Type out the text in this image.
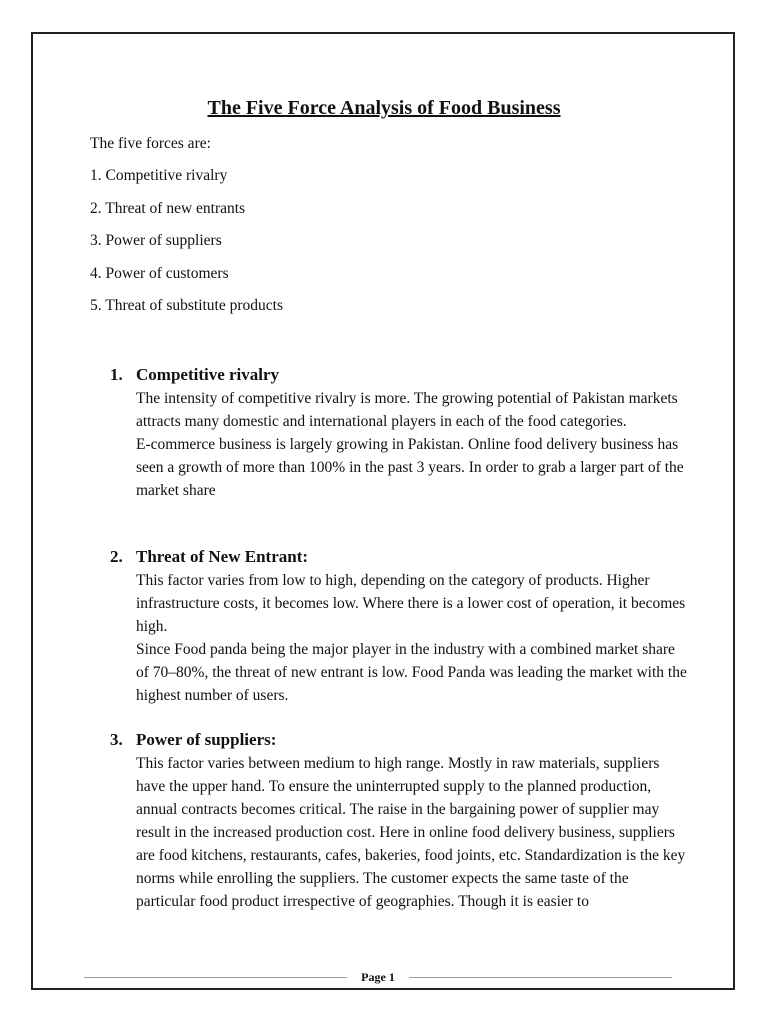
The Five Force Analysis of Food Business

The five forces are:

1. Competitive rivalry
2. Threat of new entrants
3. Power of suppliers
4. Power of customers
5. Threat of substitute products
1. Competitive rivalry

The intensity of competitive rivalry is more. The growing potential of Pakistan markets attracts many domestic and international players in each of the food categories.

E-commerce business is largely growing in Pakistan. Online food delivery business has seen a growth of more than 100% in the past 3 years. In order to grab a larger part of the market share

2. Threat of New Entrant:

This factor varies from low to high, depending on the category of products. Higher infrastructure costs, it becomes low. Where there is a lower cost of operation, it becomes high.

Since Food panda being the major player in the industry with a combined market share of 70–80%, the threat of new entrant is low. Food Panda was leading the market with the highest number of users.

3. Power of suppliers:

This factor varies between medium to high range. Mostly in raw materials, suppliers have the upper hand. To ensure the uninterrupted supply to the planned production, annual contracts becomes critical. The raise in the bargaining power of supplier may result in the increased production cost. Here in online food delivery business, suppliers are food kitchens, restaurants, cafes, bakeries, food joints, etc. Standardization is the key norms while enrolling the suppliers. The customer expects the same taste of the particular food product irrespective of geographies. Though it is easier to

Page 1
